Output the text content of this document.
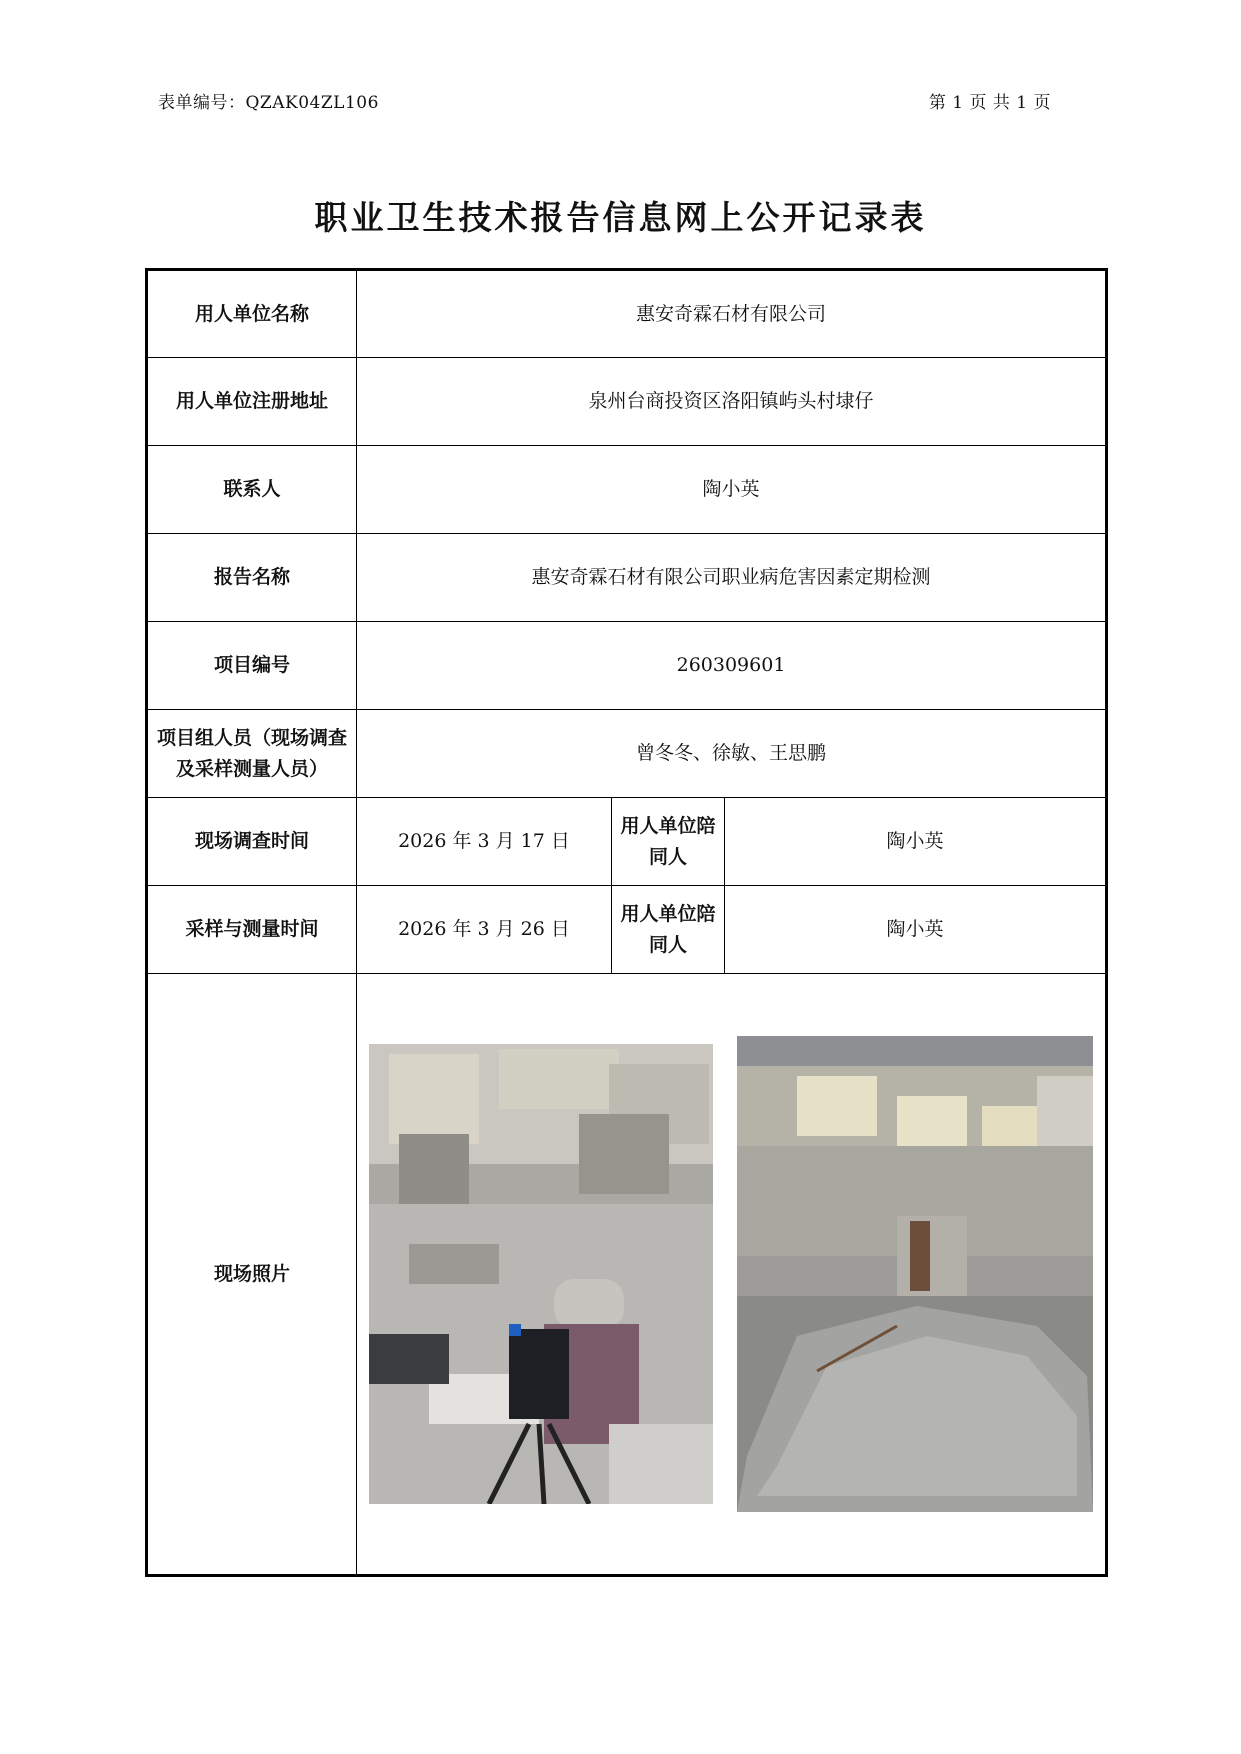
表单编号：QZAK04ZL106	第 1 页 共 1 页
职业卫生技术报告信息网上公开记录表
用人单位名称	惠安奇霖石材有限公司		
用人单位注册地址	泉州台商投资区洛阳镇屿头村埭仔		
联系人	陶小英		
报告名称	惠安奇霖石材有限公司职业病危害因素定期检测		
项目编号	260309601		
项目组人员（现场调查及采样测量人员）	曾冬冬、徐敏、王思鹏		
现场调查时间	2026 年 3 月 17 日	用人单位陪同人	陶小英
采样与测量时间	2026 年 3 月 26 日	用人单位陪同人	陶小英
现场照片	
